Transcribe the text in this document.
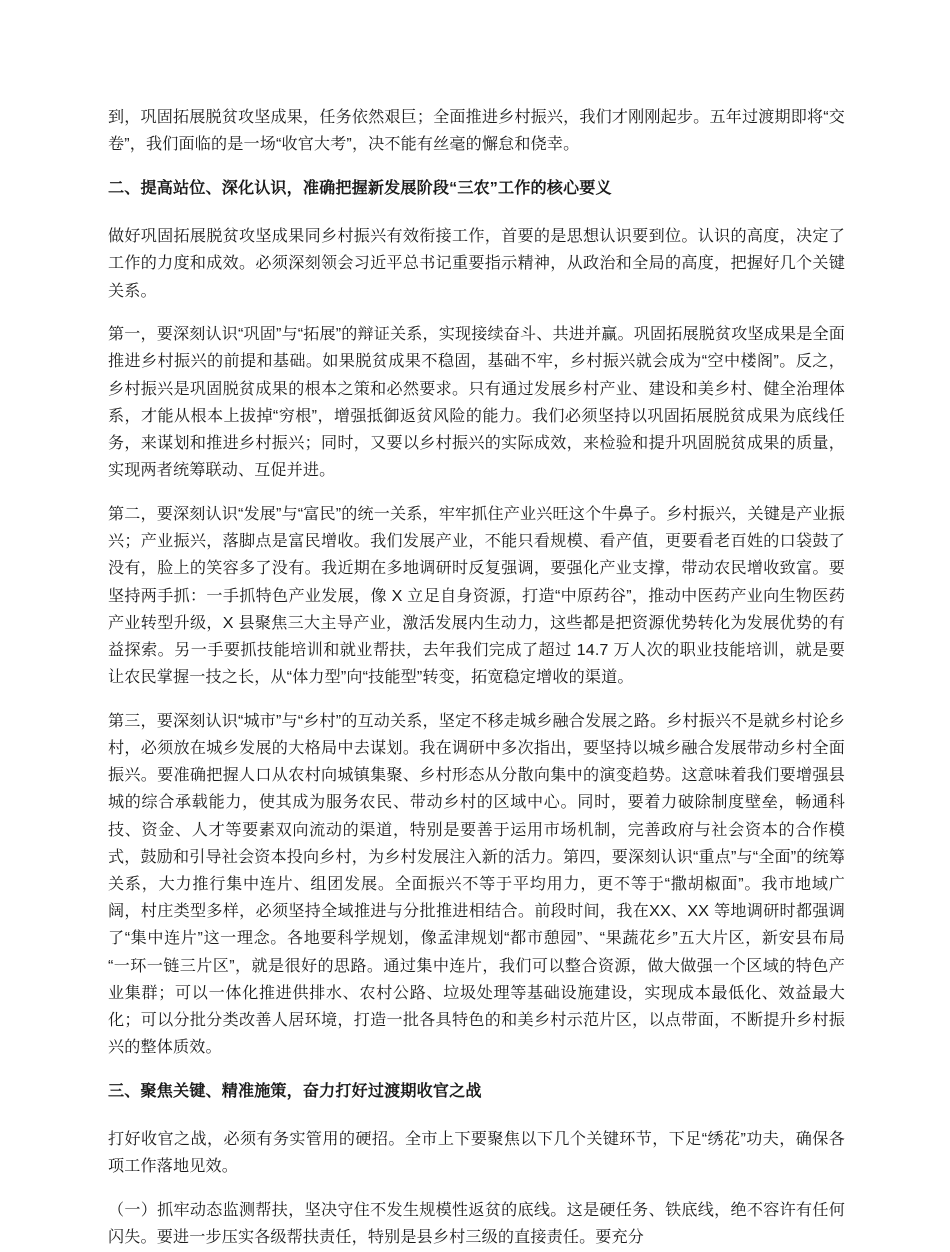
到，巩固拓展脱贫攻坚成果，任务依然艰巨；全面推进乡村振兴，我们才刚刚起步。五年过渡期即将“交卷”，我们面临的是一场“收官大考”，决不能有丝毫的懈怠和侥幸。

二、提高站位、深化认识，准确把握新发展阶段“三农”工作的核心要义

做好巩固拓展脱贫攻坚成果同乡村振兴有效衔接工作，首要的是思想认识要到位。认识的高度，决定了工作的力度和成效。必须深刻领会习近平总书记重要指示精神，从政治和全局的高度，把握好几个关键关系。

第一，要深刻认识“巩固”与“拓展”的辩证关系，实现接续奋斗、共进并赢。巩固拓展脱贫攻坚成果是全面推进乡村振兴的前提和基础。如果脱贫成果不稳固，基础不牢，乡村振兴就会成为“空中楼阁”。反之，乡村振兴是巩固脱贫成果的根本之策和必然要求。只有通过发展乡村产业、建设和美乡村、健全治理体系，才能从根本上拔掉“穷根”，增强抵御返贫风险的能力。我们必须坚持以巩固拓展脱贫成果为底线任务，来谋划和推进乡村振兴；同时，又要以乡村振兴的实际成效，来检验和提升巩固脱贫成果的质量，实现两者统筹联动、互促并进。

第二，要深刻认识“发展”与“富民”的统一关系，牢牢抓住产业兴旺这个牛鼻子。乡村振兴，关键是产业振兴；产业振兴，落脚点是富民增收。我们发展产业，不能只看规模、看产值，更要看老百姓的口袋鼓了没有，脸上的笑容多了没有。我近期在多地调研时反复强调，要强化产业支撑，带动农民增收致富。要坚持两手抓：一手抓特色产业发展，像 X 立足自身资源，打造“中原药谷”，推动中医药产业向生物医药产业转型升级，X 县聚焦三大主导产业，激活发展内生动力，这些都是把资源优势转化为发展优势的有益探索。另一手要抓技能培训和就业帮扶，去年我们完成了超过 14.7 万人次的职业技能培训，就是要让农民掌握一技之长，从“体力型”向“技能型”转变，拓宽稳定增收的渠道。

第三，要深刻认识“城市”与“乡村”的互动关系，坚定不移走城乡融合发展之路。乡村振兴不是就乡村论乡村，必须放在城乡发展的大格局中去谋划。我在调研中多次指出，要坚持以城乡融合发展带动乡村全面振兴。要准确把握人口从农村向城镇集聚、乡村形态从分散向集中的演变趋势。这意味着我们要增强县城的综合承载能力，使其成为服务农民、带动乡村的区域中心。同时，要着力破除制度壁垒，畅通科技、资金、人才等要素双向流动的渠道，特别是要善于运用市场机制，完善政府与社会资本的合作模式，鼓励和引导社会资本投向乡村，为乡村发展注入新的活力。第四，要深刻认识“重点”与“全面”的统筹关系，大力推行集中连片、组团发展。全面振兴不等于平均用力，更不等于“撒胡椒面”。我市地域广阔，村庄类型多样，必须坚持全域推进与分批推进相结合。前段时间，我在XX、XX 等地调研时都强调了“集中连片”这一理念。各地要科学规划，像孟津规划“都市憩园”、“果蔬花乡”五大片区，新安县布局“一环一链三片区”，就是很好的思路。通过集中连片，我们可以整合资源，做大做强一个区域的特色产业集群；可以一体化推进供排水、农村公路、垃圾处理等基础设施建设，实现成本最低化、效益最大化；可以分批分类改善人居环境，打造一批各具特色的和美乡村示范片区，以点带面，不断提升乡村振兴的整体质效。

三、聚焦关键、精准施策，奋力打好过渡期收官之战

打好收官之战，必须有务实管用的硬招。全市上下要聚焦以下几个关键环节，下足“绣花”功夫，确保各项工作落地见效。

（一）抓牢动态监测帮扶，坚决守住不发生规模性返贫的底线。这是硬任务、铁底线，绝不容许有任何闪失。要进一步压实各级帮扶责任，特别是县乡村三级的直接责任。要充分
